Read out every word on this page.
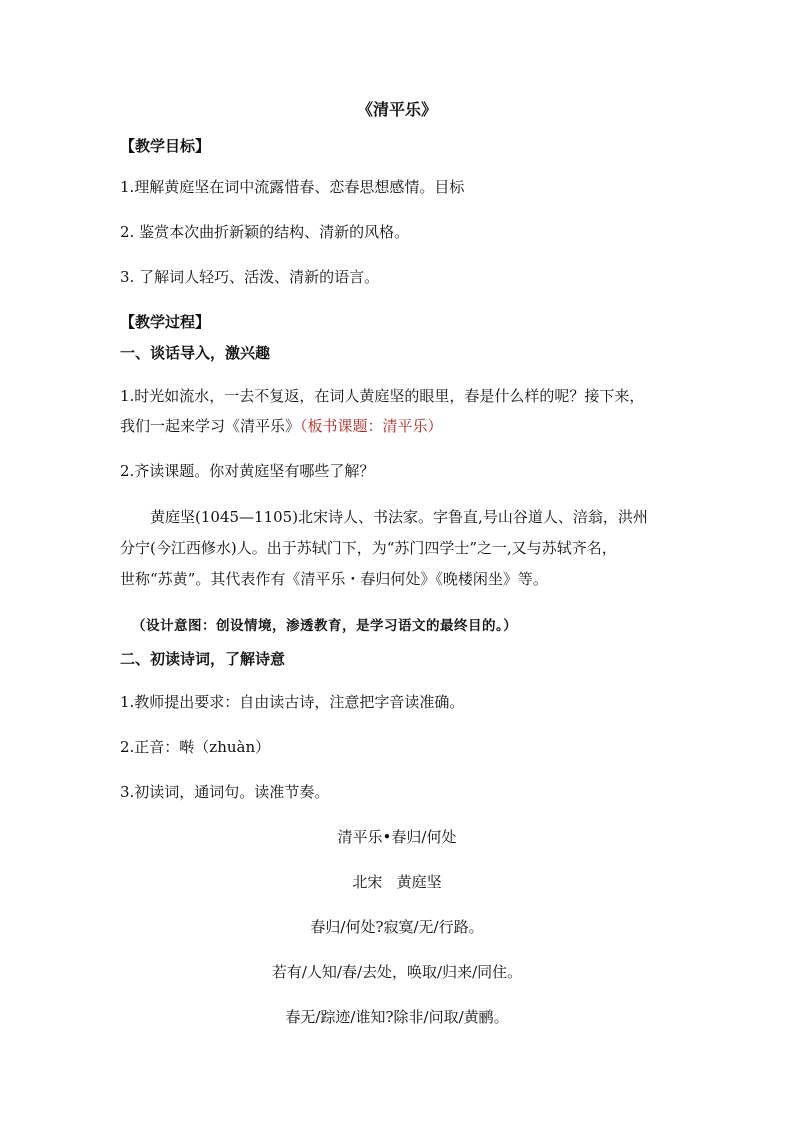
《清平乐》

【教学目标】

1.理解黄庭坚在词中流露惜春、恋春思想感情。目标

2. 鉴赏本次曲折新颖的结构、清新的风格。

3. 了解词人轻巧、活泼、清新的语言。

【教学过程】

一、谈话导入，激兴趣

1.时光如流水，一去不复返，在词人黄庭坚的眼里，春是什么样的呢？接下来，

我们一起来学习《清平乐》（板书课题：清平乐）

2.齐读课题。你对黄庭坚有哪些了解？

黄庭坚(1045—1105)北宋诗人、书法家。字鲁直,号山谷道人、涪翁，洪州

分宁(今江西修水)人。出于苏轼门下，为“苏门四学士”之一,又与苏轼齐名，

世称“苏黄”。其代表作有《清平乐・春归何处》《晚楼闲坐》等。

（设计意图：创设情境，渗透教育，是学习语文的最终目的。）

二、初读诗词，了解诗意

1.教师提出要求：自由读古诗，注意把字音读准确。

2.正音：啭（zhuàn）

3.初读词，通词句。读准节奏。

清平乐•春归/何处

北宋   黄庭坚

春归/何处?寂寞/无/行路。

若有/人知/春/去处，唤取/归来/同住。

春无/踪迹/谁知?除非/问取/黄鹂。
